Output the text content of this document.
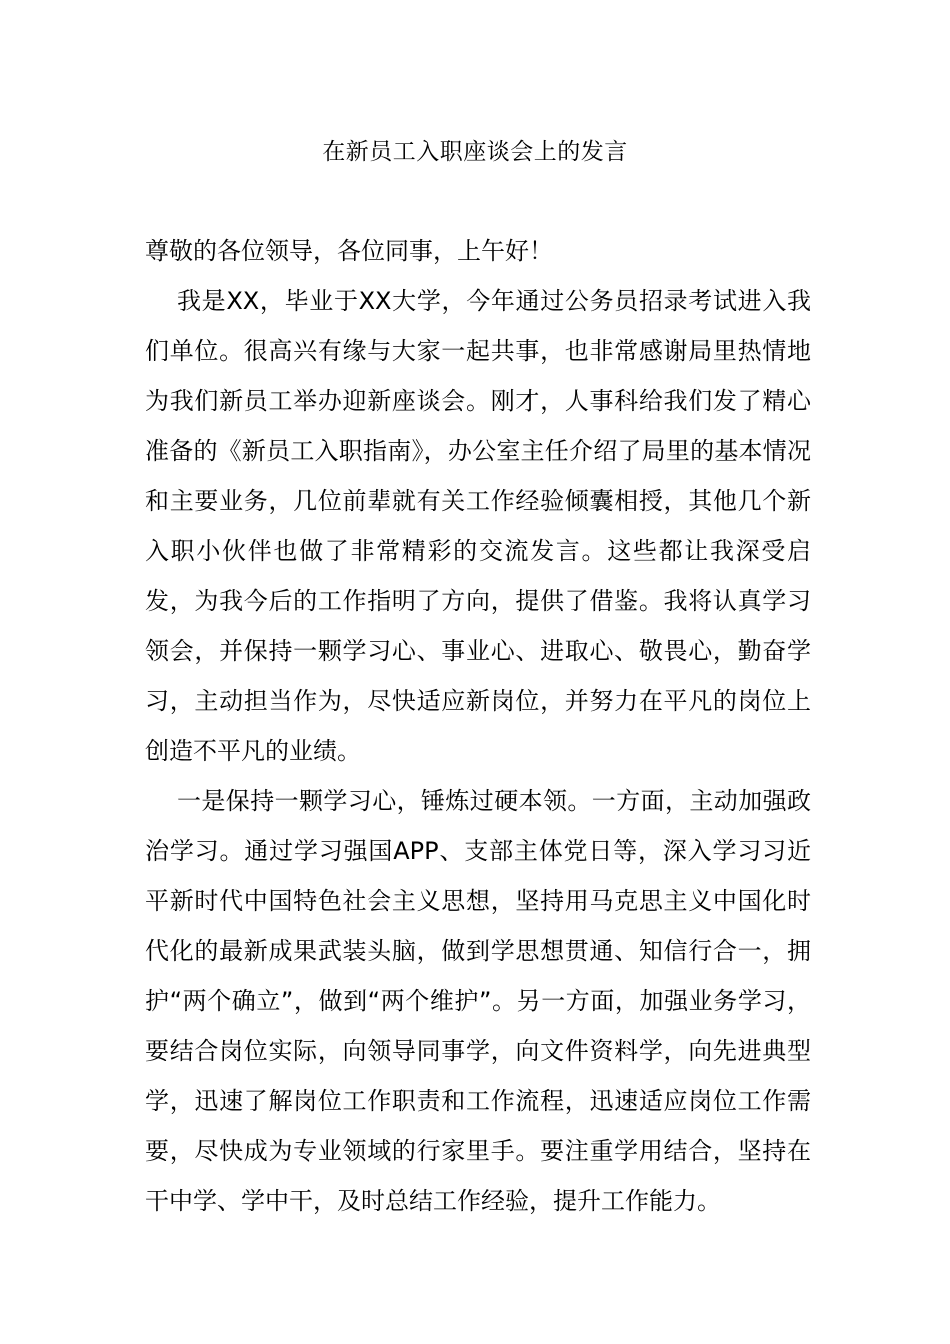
在新员工入职座谈会上的发言

尊敬的各位领导，各位同事，上午好！

我是XX，毕业于XX大学，今年通过公务员招录考试进入我们单位。很高兴有缘与大家一起共事，也非常感谢局里热情地为我们新员工举办迎新座谈会。刚才，人事科给我们发了精心准备的《新员工入职指南》，办公室主任介绍了局里的基本情况和主要业务，几位前辈就有关工作经验倾囊相授，其他几个新入职小伙伴也做了非常精彩的交流发言。这些都让我深受启发，为我今后的工作指明了方向，提供了借鉴。我将认真学习领会，并保持一颗学习心、事业心、进取心、敬畏心，勤奋学习，主动担当作为，尽快适应新岗位，并努力在平凡的岗位上创造不平凡的业绩。

一是保持一颗学习心，锤炼过硬本领。一方面，主动加强政治学习。通过学习强国APP、支部主体党日等，深入学习习近平新时代中国特色社会主义思想，坚持用马克思主义中国化时代化的最新成果武装头脑，做到学思想贯通、知信行合一，拥护“两个确立”，做到“两个维护”。另一方面，加强业务学习，要结合岗位实际，向领导同事学，向文件资料学，向先进典型学，迅速了解岗位工作职责和工作流程，迅速适应岗位工作需要，尽快成为专业领域的行家里手。要注重学用结合，坚持在干中学、学中干，及时总结工作经验，提升工作能力。
